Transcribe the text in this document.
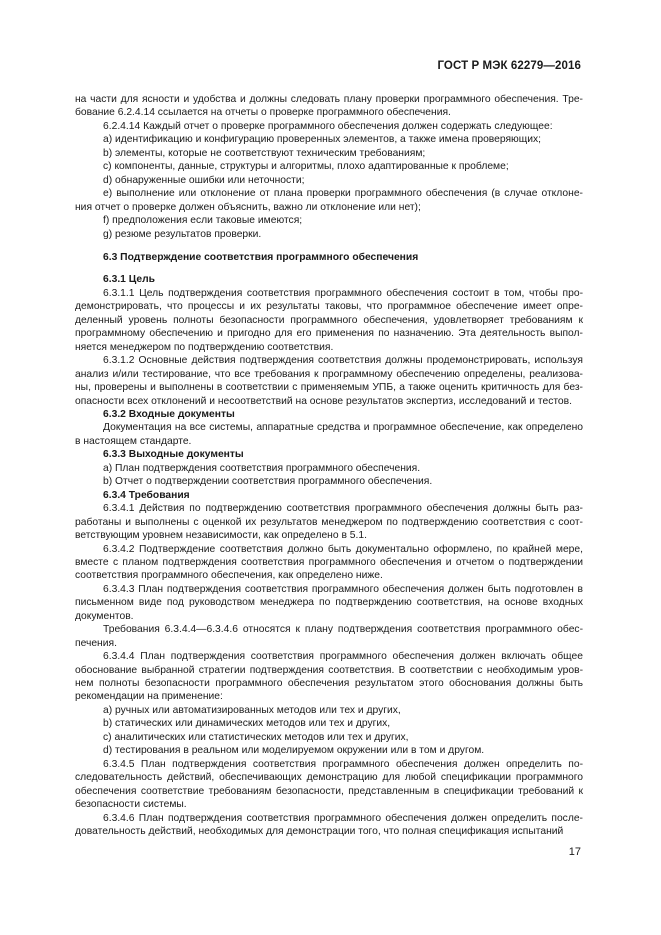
ГОСТ Р МЭК 62279—2016

на части для ясности и удобства и должны следовать плану проверки программного обеспечения. Тре-бование 6.2.4.14 ссылается на отчеты о проверке программного обеспечения.

6.2.4.14 Каждый отчет о проверке программного обеспечения должен содержать следующее:

a) идентификацию и конфигурацию проверенных элементов, а также имена проверяющих;

b) элементы, которые не соответствуют техническим требованиям;

c) компоненты, данные, структуры и алгоритмы, плохо адаптированные к проблеме;

d) обнаруженные ошибки или неточности;

e) выполнение или отклонение от плана проверки программного обеспечения (в случае отклоне-ния отчет о проверке должен объяснить, важно ли отклонение или нет);

f) предположения если таковые имеются;

g) резюме результатов проверки.

6.3 Подтверждение соответствия программного обеспечения

6.3.1 Цель

6.3.1.1 Цель подтверждения соответствия программного обеспечения состоит в том, чтобы про-демонстрировать, что процессы и их результаты таковы, что программное обеспечение имеет опре-деленный уровень полноты безопасности программного обеспечения, удовлетворяет требованиям к программному обеспечению и пригодно для его применения по назначению. Эта деятельность выпол-няется менеджером по подтверждению соответствия.

6.3.1.2 Основные действия подтверждения соответствия должны продемонстрировать, используя анализ и/или тестирование, что все требования к программному обеспечению определены, реализова-ны, проверены и выполнены в соответствии с применяемым УПБ, а также оценить критичность для без-опасности всех отклонений и несоответствий на основе результатов экспертиз, исследований и тестов.

6.3.2 Входные документы

Документация на все системы, аппаратные средства и программное обеспечение, как определено в настоящем стандарте.

6.3.3 Выходные документы

a) План подтверждения соответствия программного обеспечения.

b) Отчет о подтверждении соответствия программного обеспечения.

6.3.4 Требования

6.3.4.1 Действия по подтверждению соответствия программного обеспечения должны быть раз-работаны и выполнены с оценкой их результатов менеджером по подтверждению соответствия с соот-ветствующим уровнем независимости, как определено в 5.1.

6.3.4.2 Подтверждение соответствия должно быть документально оформлено, по крайней мере, вместе с планом подтверждения соответствия программного обеспечения и отчетом о подтверждении соответствия программного обеспечения, как определено ниже.

6.3.4.3 План подтверждения соответствия программного обеспечения должен быть подготовлен в письменном виде под руководством менеджера по подтверждению соответствия, на основе входных документов.

Требования 6.3.4.4—6.3.4.6 относятся к плану подтверждения соответствия программного обес-печения.

6.3.4.4 План подтверждения соответствия программного обеспечения должен включать общее обоснование выбранной стратегии подтверждения соответствия. В соответствии с необходимым уров-нем полноты безопасности программного обеспечения результатом этого обоснования должны быть рекомендации на применение:

a) ручных или автоматизированных методов или тех и других,

b) статических или динамических методов или тех и других,

c) аналитических или статистических методов или тех и других,

d) тестирования в реальном или моделируемом окружении или в том и другом.

6.3.4.5 План подтверждения соответствия программного обеспечения должен определить по-следовательность действий, обеспечивающих демонстрацию для любой спецификации программного обеспечения соответствие требованиям безопасности, представленным в спецификации требований к безопасности системы.

6.3.4.6 План подтверждения соответствия программного обеспечения должен определить после-довательность действий, необходимых для демонстрации того, что полная спецификация испытаний

17
